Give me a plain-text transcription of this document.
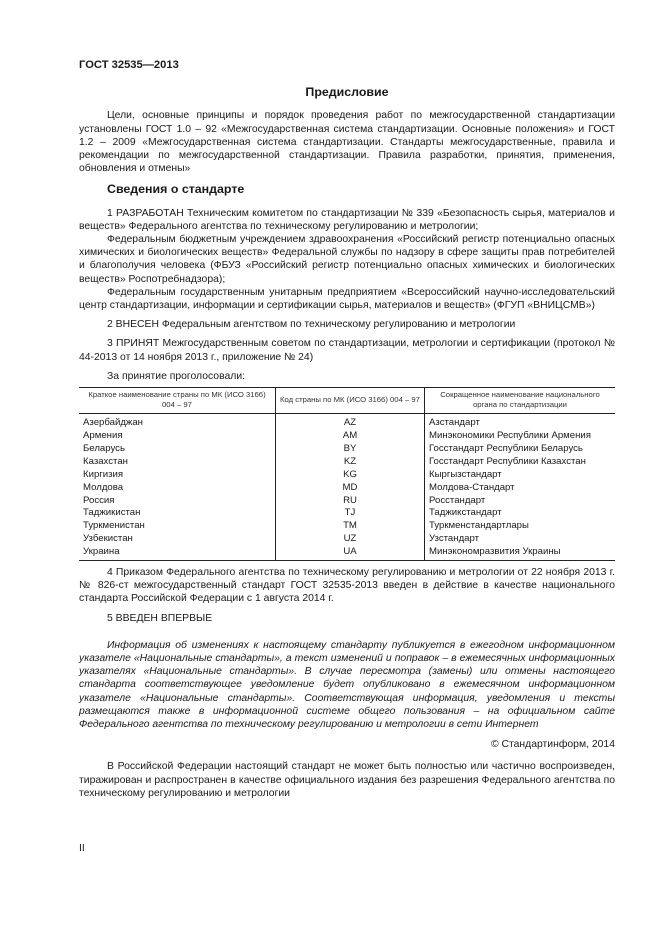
ГОСТ 32535—2013
Предисловие

Цели, основные принципы и порядок проведения работ по межгосударственной стандартизации установлены ГОСТ 1.0 – 92 «Межгосударственная система стандартизации. Основные положения» и ГОСТ 1.2 – 2009 «Межгосударственная система стандартизации. Стандарты межгосударственные, правила и рекомендации по межгосударственной стандартизации. Правила разработки, принятия, применения, обновления и отмены»

Сведения о стандарте

1 РАЗРАБОТАН Техническим комитетом по стандартизации № 339 «Безопасность сырья, материалов и веществ» Федерального агентства по техническому регулированию и метрологии;

Федеральным бюджетным учреждением здравоохранения «Российский регистр потенциально опасных химических и биологических веществ» Федеральной службы по надзору в сфере защиты прав потребителей и благополучия человека (ФБУЗ «Российский регистр потенциально опасных химических и биологических веществ» Роспотребнадзора);

Федеральным государственным унитарным предприятием «Всероссийский научно-исследовательский центр стандартизации, информации и сертификации сырья, материалов и веществ» (ФГУП «ВНИЦСМВ»)

2 ВНЕСЕН Федеральным агентством по техническому регулированию и метрологии

3 ПРИНЯТ Межгосударственным советом по стандартизации, метрологии и сертификации (протокол № 44-2013 от 14 ноября 2013 г., приложение № 24)

За принятие проголосовали:

Краткое наименование страны по МК (ИСО 3166) 004 – 97	Код страны по МК (ИСО 3166) 004 – 97	Сокращенное наименование национального органа по стандартизации
Азербайджан	AZ	Азстандарт
Армения	AM	Минэкономики Республики Армения
Беларусь	BY	Госстандарт Республики Беларусь
Казахстан	KZ	Госстандарт Республики Казахстан
Киргизия	KG	Кыргызстандарт
Молдова	MD	Молдова-Стандарт
Россия	RU	Росстандарт
Таджикистан	TJ	Таджикстандарт
Туркменистан	TM	Туркменстандартлары
Узбекистан	UZ	Узстандарт
Украина	UA	Минэкономразвития Украины

4 Приказом Федерального агентства по техническому регулированию и метрологии от 22 ноября 2013 г. № 826-ст межгосударственный стандарт ГОСТ 32535-2013 введен в действие в качестве национального стандарта Российской Федерации с 1 августа 2014 г.

5 ВВЕДЕН ВПЕРВЫЕ

Информация об изменениях к настоящему стандарту публикуется в ежегодном информационном указателе «Национальные стандарты», а текст изменений и поправок – в ежемесячных информационных указателях «Национальные стандарты». В случае пересмотра (замены) или отмены настоящего стандарта соответствующее уведомление будет опубликовано в ежемесячном информационном указателе «Национальные стандарты». Соответствующая информация, уведомления и тексты размещаются также в информационной системе общего пользования – на официальном сайте Федерального агентства по техническому регулированию и метрологии в сети Интернет

© Стандартинформ, 2014

В Российской Федерации настоящий стандарт не может быть полностью или частично воспроизведен, тиражирован и распространен в качестве официального издания без разрешения Федерального агентства по техническому регулированию и метрологии

II
